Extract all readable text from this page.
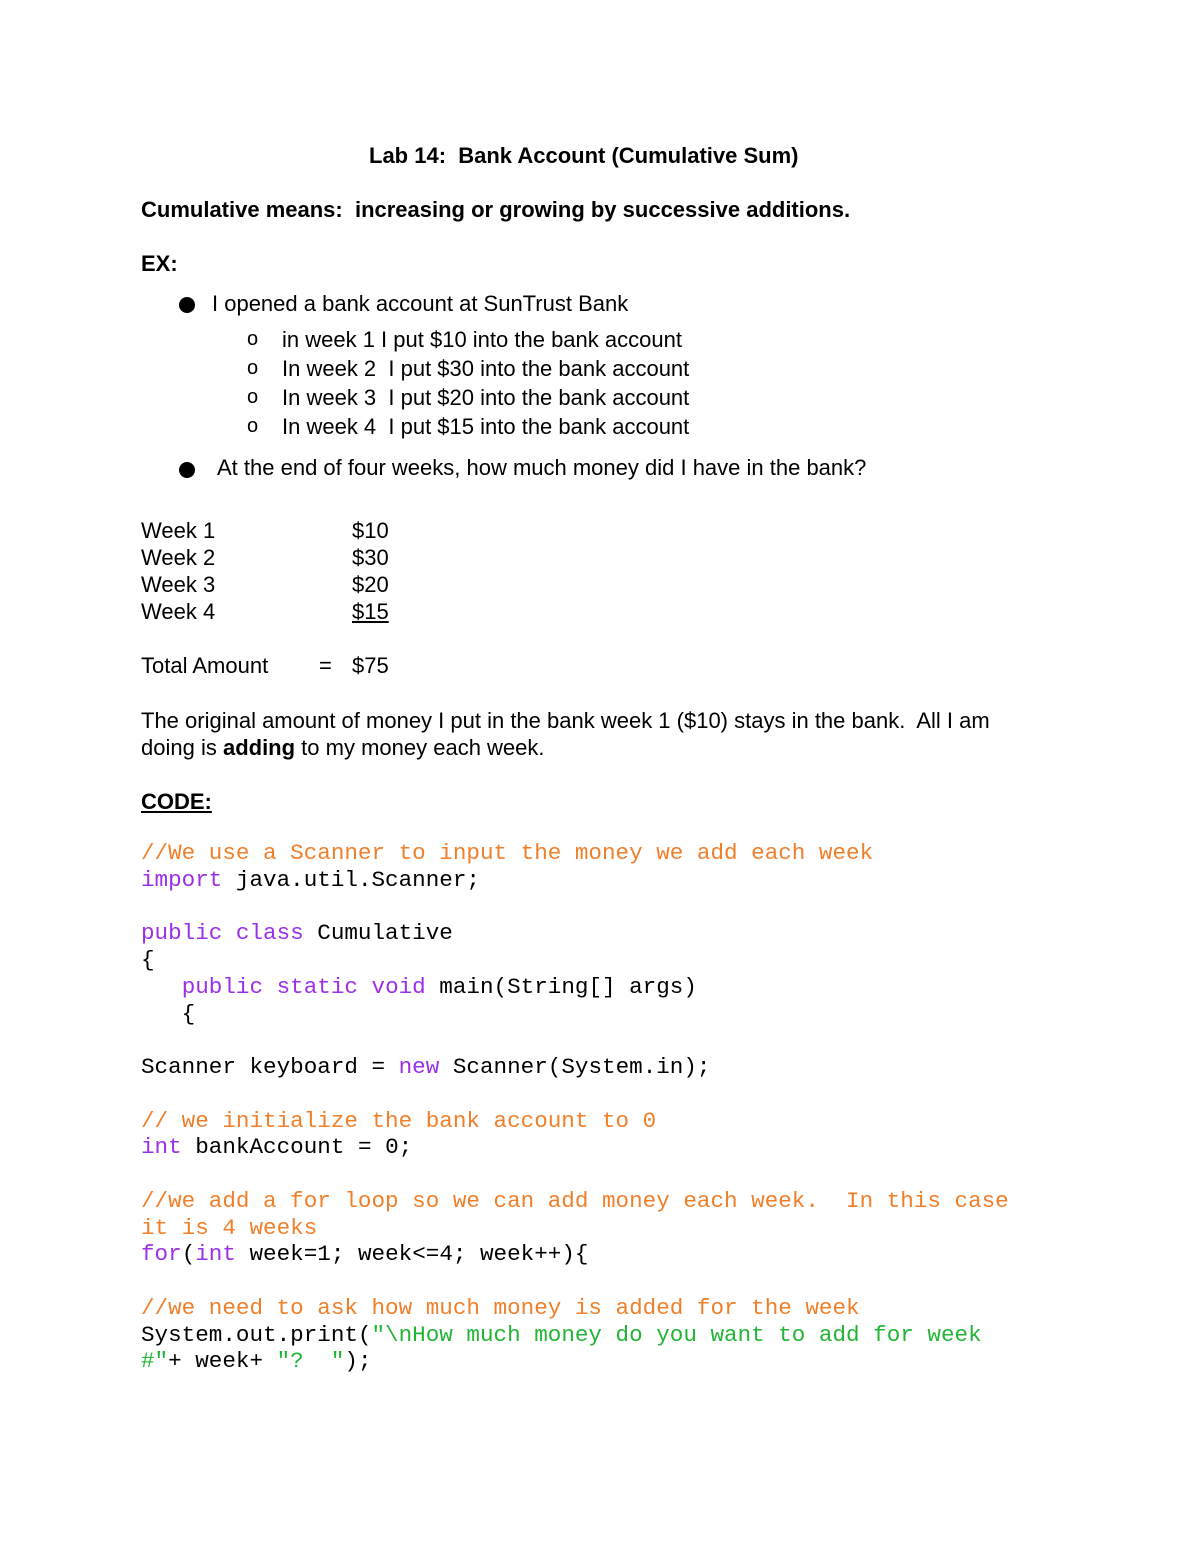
Lab 14:  Bank Account (Cumulative Sum)
Cumulative means:  increasing or growing by successive additions.
EX:
I opened a bank account at SunTrust Bank
o in week 1 I put $10 into the bank account
o In week 2  I put $30 into the bank account
o In week 3  I put $20 into the bank account
o In week 4  I put $15 into the bank account
At the end of four weeks, how much money did I have in the bank?
Week 1	$10
Week 2	$30
Week 3	$20
Week 4	$15
Total Amount = $75
The original amount of money I put in the bank week 1 ($10) stays in the bank.  All I am
doing is adding to my money each week.
CODE:
//We use a Scanner to input the money we add each week
import java.util.Scanner;
public class Cumulative
{
public static void main(String[] args)
{
Scanner keyboard = new Scanner(System.in);
// we initialize the bank account to 0
int bankAccount = 0;
//we add a for loop so we can add money each week.  In this case
it is 4 weeks
for(int week=1; week<=4; week++){
//we need to ask how much money is added for the week
System.out.print("\nHow much money do you want to add for week
#"+ week+ "?  ");
